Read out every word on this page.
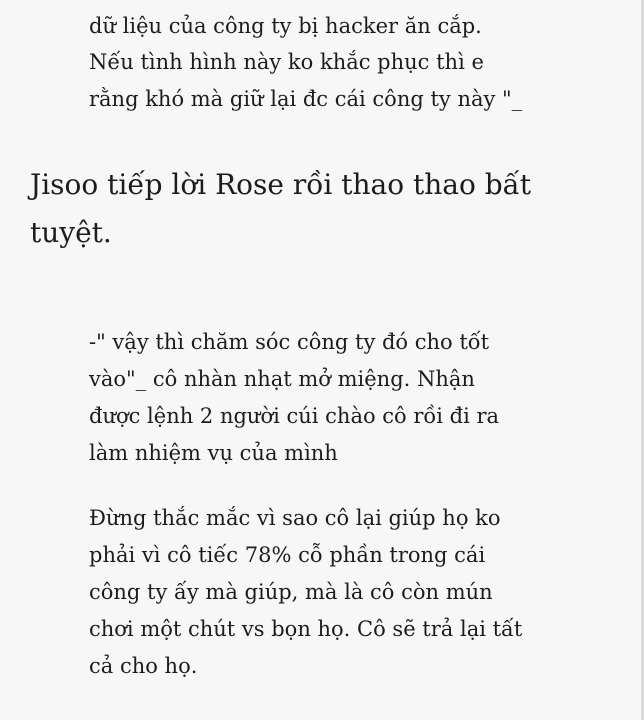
dữ liệu của công ty bị hacker ăn cắp.

Nếu tình hình này ko khắc phục thì e

rằng khó mà giữ lại đc cái công ty này "_

Jisoo tiếp lời Rose rồi thao thao bất

tuyệt.

-" vậy thì chăm sóc công ty đó cho tốt

vào"_ cô nhàn nhạt mở miệng. Nhận

được lệnh 2 người cúi chào cô rồi đi ra

làm nhiệm vụ của mình

Đừng thắc mắc vì sao cô lại giúp họ ko

phải vì cô tiếc 78% cỗ phần trong cái

công ty ấy mà giúp, mà là cô còn mún

chơi một chút vs bọn họ. Cô sẽ trả lại tất

cả cho họ.
